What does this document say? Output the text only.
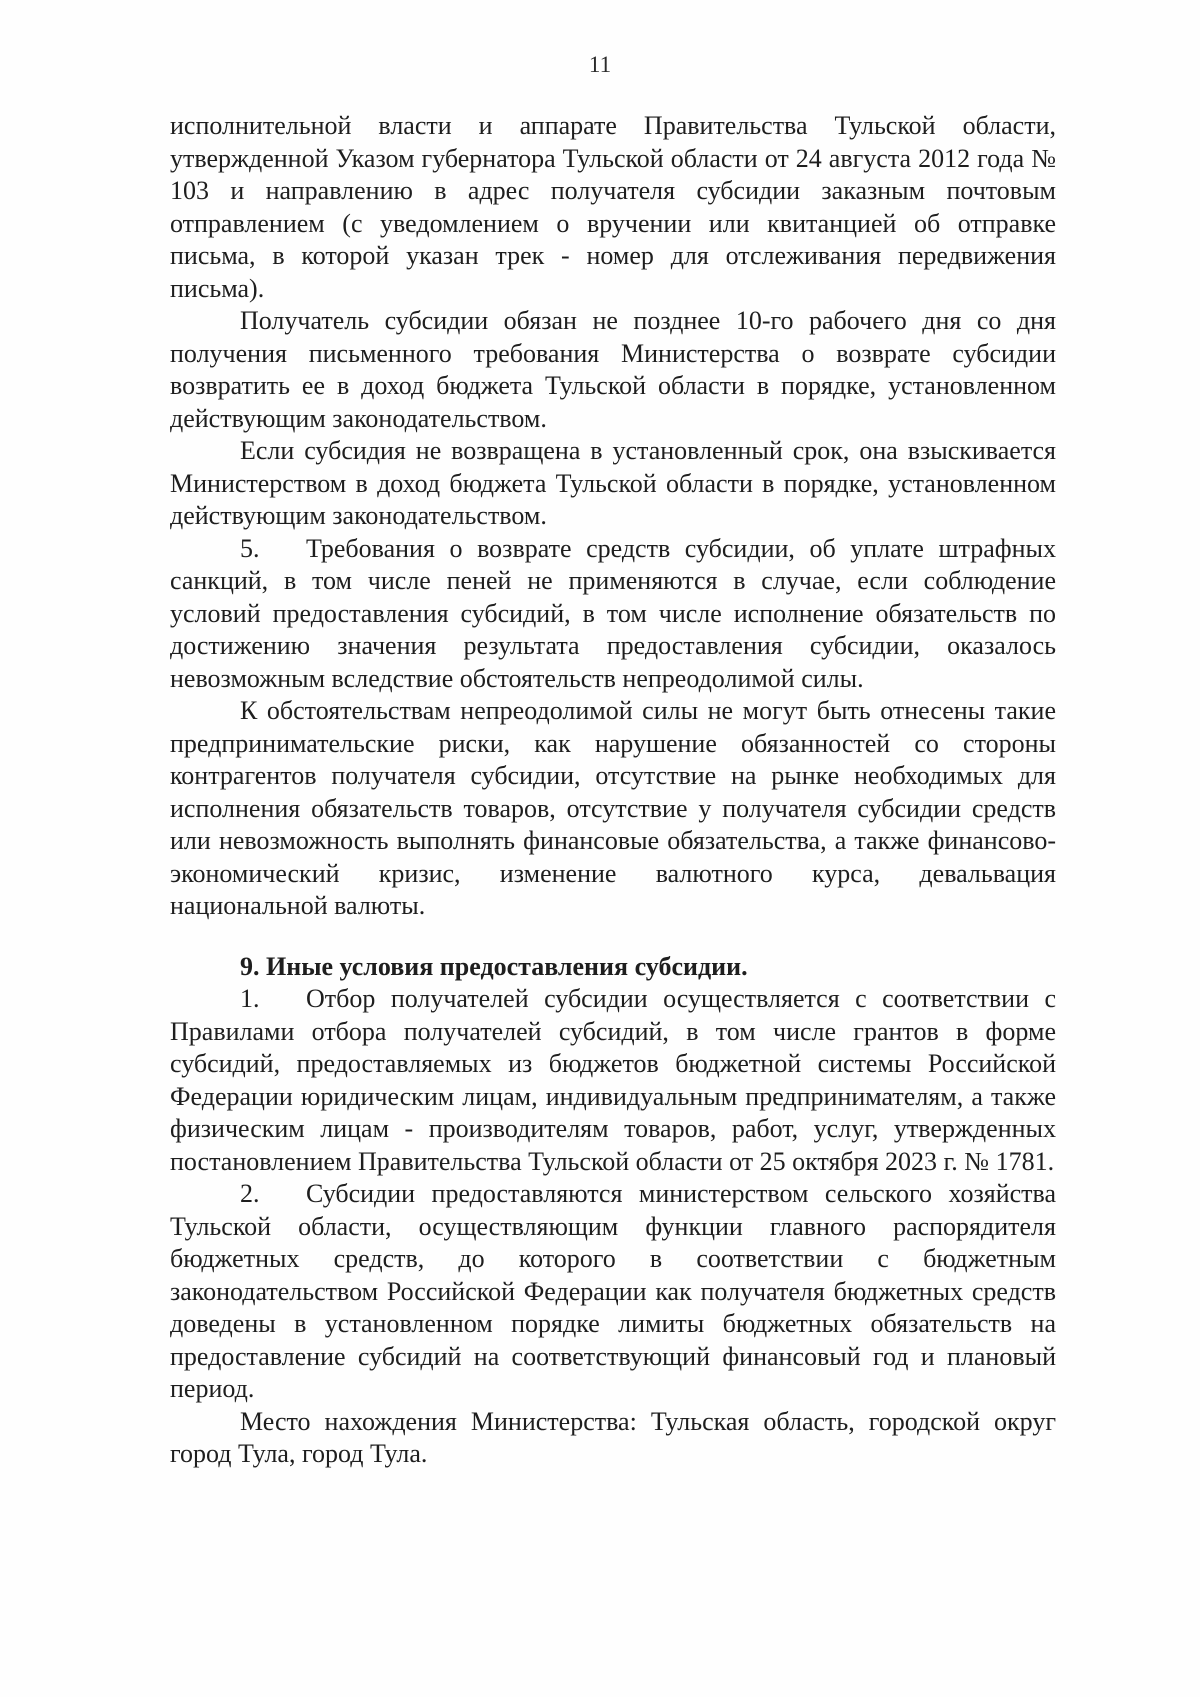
11

исполнительной власти и аппарате Правительства Тульской области, утвержденной Указом губернатора Тульской области от 24 августа 2012 года № 103 и направлению в адрес получателя субсидии заказным почтовым отправлением (с уведомлением о вручении или квитанцией об отправке письма, в которой указан трек - номер для отслеживания передвижения письма).

Получатель субсидии обязан не позднее 10-го рабочего дня со дня получения письменного требования Министерства о возврате субсидии возвратить ее в доход бюджета Тульской области в порядке, установленном действующим законодательством.

Если субсидия не возвращена в установленный срок, она взыскивается Министерством в доход бюджета Тульской области в порядке, установленном действующим законодательством.

5. Требования о возврате средств субсидии, об уплате штрафных санкций, в том числе пеней не применяются в случае, если соблюдение условий предоставления субсидий, в том числе исполнение обязательств по достижению значения результата предоставления субсидии, оказалось невозможным вследствие обстоятельств непреодолимой силы.

К обстоятельствам непреодолимой силы не могут быть отнесены такие предпринимательские риски, как нарушение обязанностей со стороны контрагентов получателя субсидии, отсутствие на рынке необходимых для исполнения обязательств товаров, отсутствие у получателя субсидии средств или невозможность выполнять финансовые обязательства, а также финансово-экономический кризис, изменение валютного курса, девальвация национальной валюты.

9. Иные условия предоставления субсидии.

1. Отбор получателей субсидии осуществляется с соответствии с Правилами отбора получателей субсидий, в том числе грантов в форме субсидий, предоставляемых из бюджетов бюджетной системы Российской Федерации юридическим лицам, индивидуальным предпринимателям, а также физическим лицам - производителям товаров, работ, услуг, утвержденных постановлением Правительства Тульской области от 25 октября 2023 г. № 1781.

2. Субсидии предоставляются министерством сельского хозяйства Тульской области, осуществляющим функции главного распорядителя бюджетных средств, до которого в соответствии с бюджетным законодательством Российской Федерации как получателя бюджетных средств доведены в установленном порядке лимиты бюджетных обязательств на предоставление субсидий на соответствующий финансовый год и плановый период.

Место нахождения Министерства: Тульская область, городской округ город Тула, город Тула.
